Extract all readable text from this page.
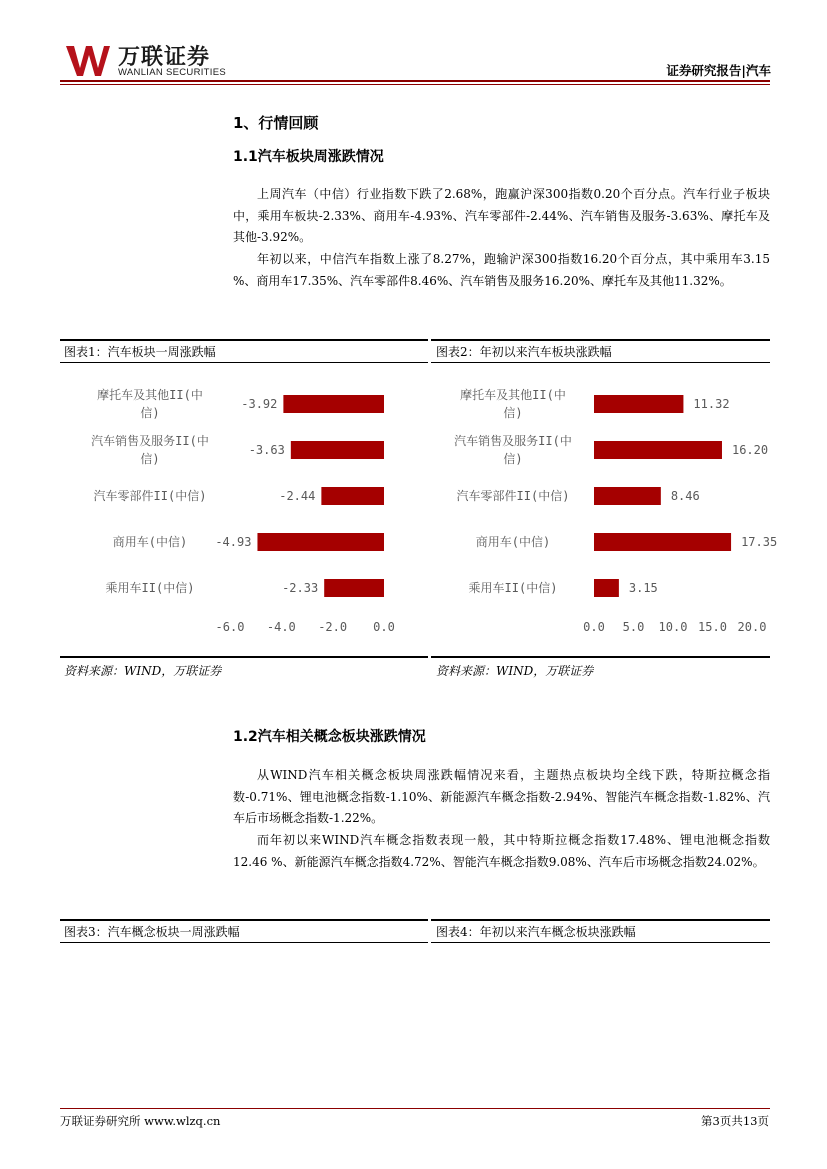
万联证券
WANLIAN SECURITIES	证券研究报告|汽车
1、行情回顾
1.1汽车板块周涨跌情况

上周汽车（中信）行业指数下跌了2.68%，跑赢沪深300指数0.20个百分点。汽车行业子板块中，乘用车板块-2.33%、商用车-4.93%、汽车零部件-2.44%、汽车销售及服务-3.63%、摩托车及其他-3.92%。

年初以来，中信汽车指数上涨了8.27%，跑输沪深300指数16.20个百分点，其中乘用车3.15 %、商用车17.35%、汽车零部件8.46%、汽车销售及服务16.20%、摩托车及其他11.32%。

图表1：汽车板块一周涨跌幅	图表2：年初以来汽车板块涨跌幅
-3.92
摩托车及其他II(中
信)
-3.63
汽车销售及服务II(中
信)
-2.44
汽车零部件II(中信)
-4.93
商用车(中信)
-2.33
乘用车II(中信)
-6.0 -4.0 -2.0 0.0
11.32
摩托车及其他II(中
信)
16.20
汽车销售及服务II(中
信)
8.46
汽车零部件II(中信)
17.35
商用车(中信)
3.15
乘用车II(中信)
0.0 5.0 10.0 15.0 20.0
资料来源：WIND，万联证券	资料来源：WIND，万联证券
1.2汽车相关概念板块涨跌情况

从WIND汽车相关概念板块周涨跌幅情况来看，主题热点板块均全线下跌，特斯拉概念指数-0.71%、锂电池概念指数-1.10%、新能源汽车概念指数-2.94%、智能汽车概念指数-1.82%、汽车后市场概念指数-1.22%。

而年初以来WIND汽车概念指数表现一般，其中特斯拉概念指数17.48%、锂电池概念指数12.46 %、新能源汽车概念指数4.72%、智能汽车概念指数9.08%、汽车后市场概念指数24.02%。

图表3：汽车概念板块一周涨跌幅	图表4：年初以来汽车概念板块涨跌幅
万联证券研究所 www.wlzq.cn	第3页共13页
